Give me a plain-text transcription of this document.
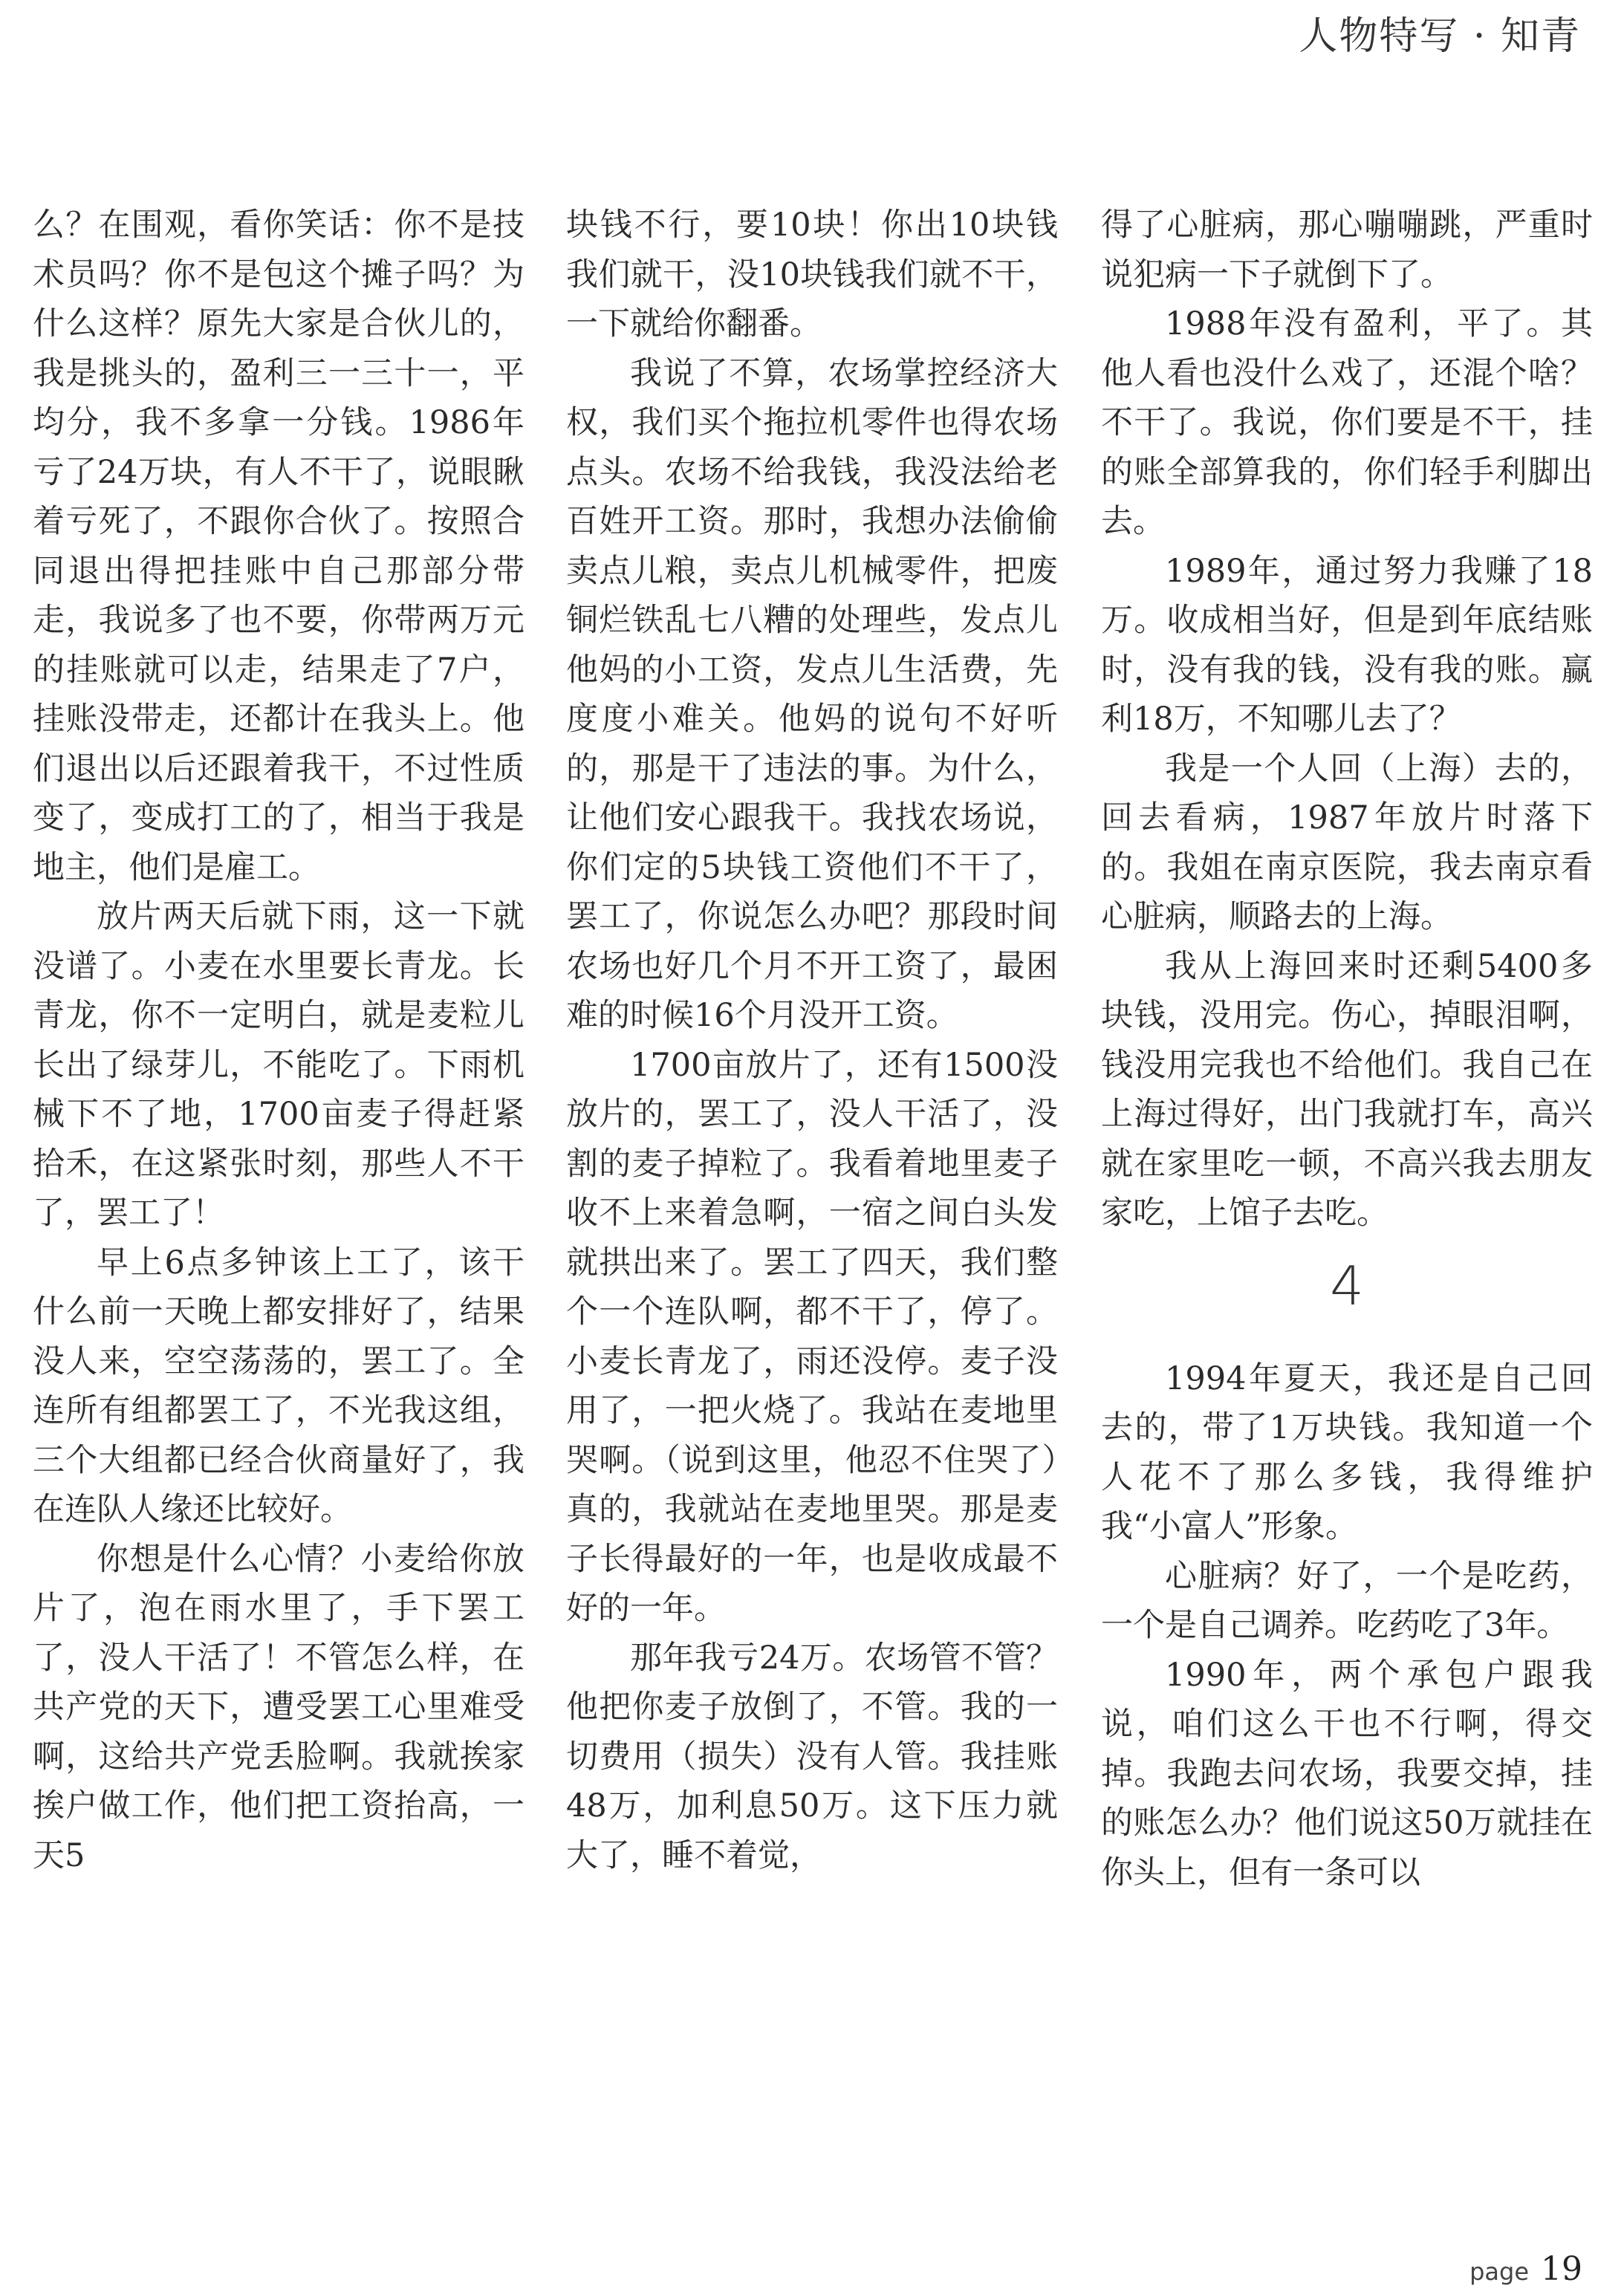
人物特写 · 知青

么？在围观，看你笑话：你不是技术员吗？你不是包这个摊子吗？为什么这样？原先大家是合伙儿的，我是挑头的，盈利三一三十一，平均分，我不多拿一分钱。1986年亏了24万块，有人不干了，说眼瞅着亏死了，不跟你合伙了。按照合同退出得把挂账中自己那部分带走，我说多了也不要，你带两万元的挂账就可以走，结果走了7户，挂账没带走，还都计在我头上。他们退出以后还跟着我干，不过性质变了，变成打工的了，相当于我是地主，他们是雇工。

放片两天后就下雨，这一下就没谱了。小麦在水里要长青龙。长青龙，你不一定明白，就是麦粒儿长出了绿芽儿，不能吃了。下雨机械下不了地，1700亩麦子得赶紧拾禾，在这紧张时刻，那些人不干了，罢工了！

早上6点多钟该上工了，该干什么前一天晚上都安排好了，结果没人来，空空荡荡的，罢工了。全连所有组都罢工了，不光我这组，三个大组都已经合伙商量好了，我在连队人缘还比较好。

你想是什么心情？小麦给你放片了，泡在雨水里了，手下罢工了，没人干活了！不管怎么样，在共产党的天下，遭受罢工心里难受啊，这给共产党丢脸啊。我就挨家挨户做工作，他们把工资抬高，一天5

块钱不行，要10块！你出10块钱我们就干，没10块钱我们就不干，一下就给你翻番。

我说了不算，农场掌控经济大权，我们买个拖拉机零件也得农场点头。农场不给我钱，我没法给老百姓开工资。那时，我想办法偷偷卖点儿粮，卖点儿机械零件，把废铜烂铁乱七八糟的处理些，发点儿他妈的小工资，发点儿生活费，先度度小难关。他妈的说句不好听的，那是干了违法的事。为什么，让他们安心跟我干。我找农场说，你们定的5块钱工资他们不干了，罢工了，你说怎么办吧？那段时间农场也好几个月不开工资了，最困难的时候16个月没开工资。

1700亩放片了，还有1500没放片的，罢工了，没人干活了，没割的麦子掉粒了。我看着地里麦子收不上来着急啊，一宿之间白头发就拱出来了。罢工了四天，我们整个一个连队啊，都不干了，停了。小麦长青龙了，雨还没停。麦子没用了，一把火烧了。我站在麦地里哭啊。（说到这里，他忍不住哭了）真的，我就站在麦地里哭。那是麦子长得最好的一年，也是收成最不好的一年。

那年我亏24万。农场管不管？他把你麦子放倒了，不管。我的一切费用（损失）没有人管。我挂账48万，加利息50万。这下压力就大了，睡不着觉，

得了心脏病，那心嘣嘣跳，严重时说犯病一下子就倒下了。

1988年没有盈利，平了。其他人看也没什么戏了，还混个啥？不干了。我说，你们要是不干，挂的账全部算我的，你们轻手利脚出去。

1989年，通过努力我赚了18万。收成相当好，但是到年底结账时，没有我的钱，没有我的账。赢利18万，不知哪儿去了？

我是一个人回（上海）去的，回去看病，1987年放片时落下的。我姐在南京医院，我去南京看心脏病，顺路去的上海。

我从上海回来时还剩5400多块钱，没用完。伤心，掉眼泪啊，钱没用完我也不给他们。我自己在上海过得好，出门我就打车，高兴就在家里吃一顿，不高兴我去朋友家吃，上馆子去吃。

4

1994年夏天，我还是自己回去的，带了1万块钱。我知道一个人花不了那么多钱，我得维护我“小富人”形象。

心脏病？好了，一个是吃药，一个是自己调养。吃药吃了3年。

1990年，两个承包户跟我说，咱们这么干也不行啊，得交掉。我跑去问农场，我要交掉，挂的账怎么办？他们说这50万就挂在你头上，但有一条可以

page 19
